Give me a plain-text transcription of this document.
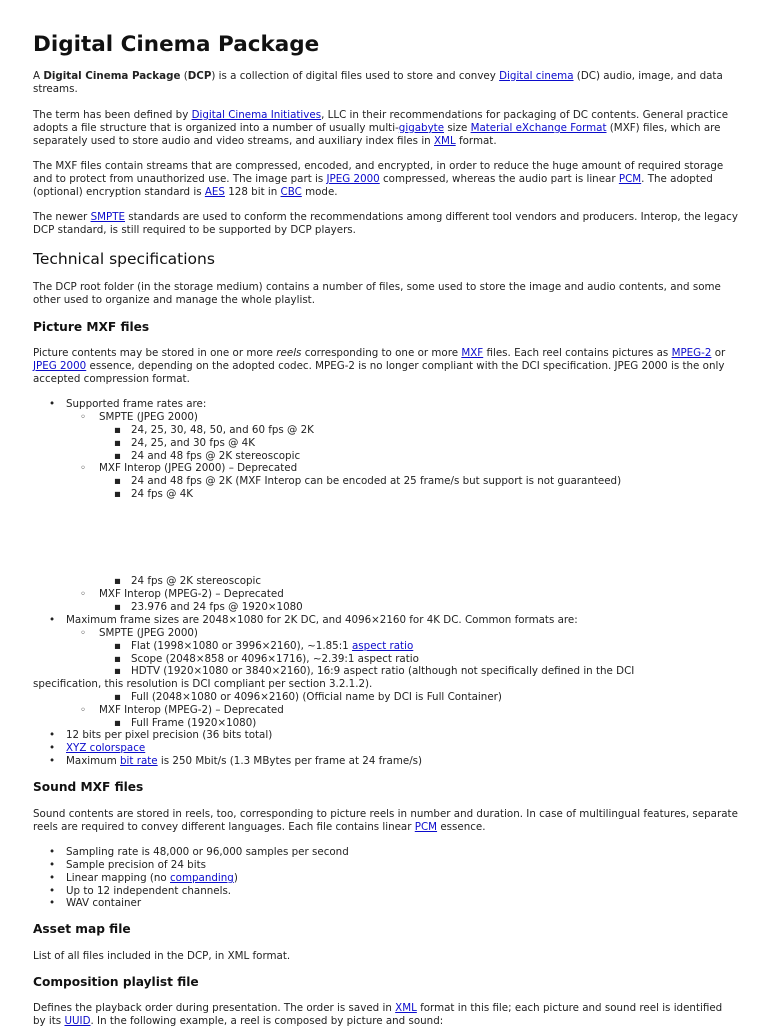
Digital Cinema Package

A Digital Cinema Package (DCP) is a collection of digital files used to store and convey Digital cinema (DC) audio, image, and data streams.

The term has been defined by Digital Cinema Initiatives, LLC in their recommendations for packaging of DC contents. General practice adopts a file structure that is organized into a number of usually multi-gigabyte size Material eXchange Format (MXF) files, which are separately used to store audio and video streams, and auxiliary index files in XML format.

The MXF files contain streams that are compressed, encoded, and encrypted, in order to reduce the huge amount of required storage and to protect from unauthorized use. The image part is JPEG 2000 compressed, whereas the audio part is linear PCM. The adopted (optional) encryption standard is AES 128 bit in CBC mode.

The newer SMPTE standards are used to conform the recommendations among different tool vendors and producers. Interop, the legacy DCP standard, is still required to be supported by DCP players.

Technical specifications

The DCP root folder (in the storage medium) contains a number of files, some used to store the image and audio contents, and some other used to organize and manage the whole playlist.

Picture MXF files

Picture contents may be stored in one or more reels corresponding to one or more MXF files. Each reel contains pictures as MPEG-2 or JPEG 2000 essence, depending on the adopted codec. MPEG-2 is no longer compliant with the DCI specification. JPEG 2000 is the only accepted compression format.

•
Supported frame rates are:
◦
SMPTE (JPEG 2000)
▪
24, 25, 30, 48, 50, and 60 fps @ 2K
▪
24, 25, and 30 fps @ 4K
▪
24 and 48 fps @ 2K stereoscopic
◦
MXF Interop (JPEG 2000) – Deprecated
▪
24 and 48 fps @ 2K (MXF Interop can be encoded at 25 frame/s but support is not guaranteed)
▪
24 fps @ 4K
▪
24 fps @ 2K stereoscopic
◦
MXF Interop (MPEG-2) – Deprecated
▪
23.976 and 24 fps @ 1920×1080
•
Maximum frame sizes are 2048×1080 for 2K DC, and 4096×2160 for 4K DC. Common formats are:
◦
SMPTE (JPEG 2000)
▪
Flat (1998×1080 or 3996×2160), ~1.85:1 aspect ratio
▪
Scope (2048×858 or 4096×1716), ~2.39:1 aspect ratio
▪
HDTV (1920×1080 or 3840×2160), 16:9 aspect ratio (although not specifically defined in the DCI specification, this resolution is DCI compliant per section 3.2.1.2).
▪
Full (2048×1080 or 4096×2160) (Official name by DCI is Full Container)
◦
MXF Interop (MPEG-2) – Deprecated
▪
Full Frame (1920×1080)
•
12 bits per pixel precision (36 bits total)
•
XYZ colorspace
•
Maximum bit rate is 250 Mbit/s (1.3 MBytes per frame at 24 frame/s)
Sound MXF files

Sound contents are stored in reels, too, corresponding to picture reels in number and duration. In case of multilingual features, separate reels are required to convey different languages. Each file contains linear PCM essence.

•
Sampling rate is 48,000 or 96,000 samples per second
•
Sample precision of 24 bits
•
Linear mapping (no companding)
•
Up to 12 independent channels.
•
WAV container
Asset map file

List of all files included in the DCP, in XML format.

Composition playlist file

Defines the playback order during presentation. The order is saved in XML format in this file; each picture and sound reel is identified by its UUID. In the following example, a reel is composed by picture and sound:
